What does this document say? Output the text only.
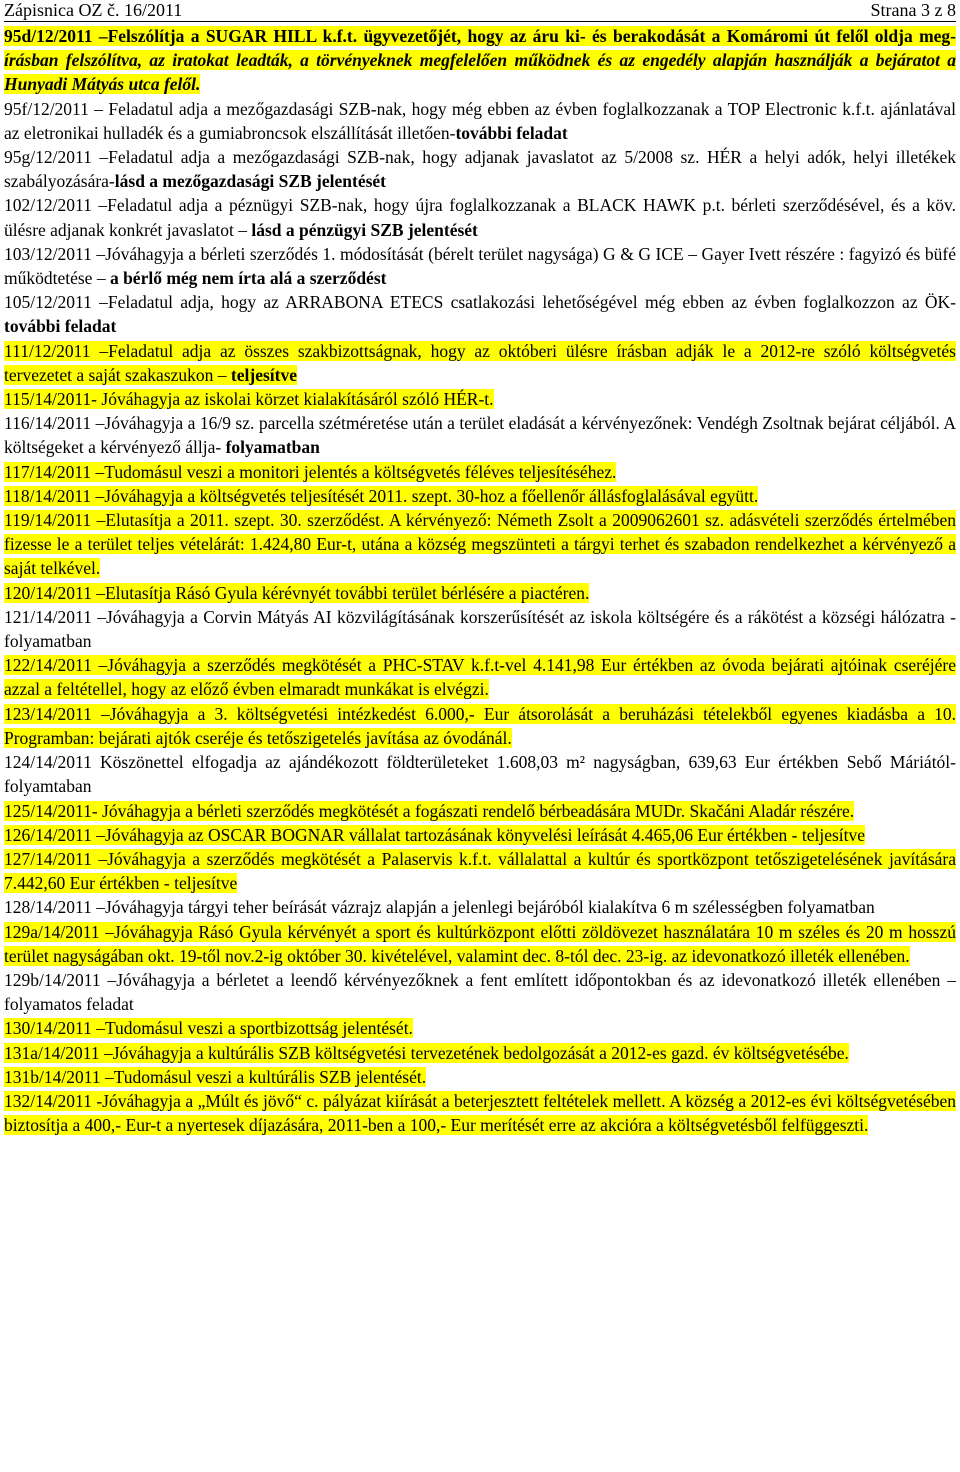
Zápisnica OZ č. 16/2011	Strana 3 z 8

95d/12/2011 –Felszólítja a SUGAR HILL k.f.t. ügyvezetőjét, hogy az áru ki- és berakodását a Komáromi út felől oldja meg- írásban felszólítva, az iratokat leadták, a törvényeknek megfelelően működnek és az engedély alapján használják a bejáratot a Hunyadi Mátyás utca felől.

95f/12/2011 – Feladatul adja a mezőgazdasági SZB-nak, hogy még ebben az évben foglalkozzanak a TOP Electronic k.f.t. ajánlatával az eletronikai hulladék és a gumiabroncsok elszállítását illetően-további feladat

95g/12/2011 –Feladatul adja a mezőgazdasági SZB-nak, hogy adjanak javaslatot az 5/2008 sz. HÉR a helyi adók, helyi illetékek szabályozására-lásd a mezőgazdasági SZB jelentését

102/12/2011 –Feladatul adja a péznügyi SZB-nak, hogy újra foglalkozzanak a BLACK HAWK p.t. bérleti szerződésével, és a köv. ülésre adjanak konkrét javaslatot – lásd a pénzügyi SZB jelentését

103/12/2011 –Jóváhagyja a bérleti szerződés 1. módosítását (bérelt terület nagysága) G & G ICE – Gayer Ivett részére : fagyizó és büfé működtetése – a bérlő még nem írta alá a szerződést

105/12/2011 –Feladatul adja, hogy az ARRABONA ETECS csatlakozási lehetőségével még ebben az évben foglalkozzon az ÖK-további feladat

111/12/2011 –Feladatul adja az összes szakbizottságnak, hogy az októberi ülésre írásban adják le a 2012-re szóló költségvetés tervezetet a saját szakaszukon – teljesítve

115/14/2011- Jóváhagyja az iskolai körzet kialakításáról szóló HÉR-t.

116/14/2011 –Jóváhagyja a 16/9 sz. parcella szétméretése után a terület eladását a kérvényezőnek: Vendégh Zsoltnak bejárat céljából. A költségeket a kérvényező állja- folyamatban

117/14/2011 –Tudomásul veszi a monitori jelentés a költségvetés féléves teljesítéséhez.

118/14/2011 –Jóváhagyja a költségvetés teljesítését 2011. szept. 30-hoz a főellenőr állásfoglalásával együtt.

119/14/2011 –Elutasítja a 2011. szept. 30. szerződést. A kérvényező: Németh Zsolt a 2009062601 sz. adásvételi szerződés értelmében fizesse le a terület teljes vételárát: 1.424,80 Eur-t, utána a község megszünteti a tárgyi terhet és szabadon rendelkezhet a kérvényező a saját telkével.

120/14/2011 –Elutasítja Rásó Gyula kérévnyét további terület bérlésére a piactéren.

121/14/2011 –Jóváhagyja a Corvin Mátyás AI közvilágításának korszerűsítését az iskola költségére és a rákötést a községi hálózatra - folyamatban

122/14/2011 –Jóváhagyja a szerződés megkötését a PHC-STAV k.f.t-vel 4.141,98 Eur értékben az óvoda bejárati ajtóinak cseréjére azzal a feltétellel, hogy az előző évben elmaradt munkákat is elvégzi.

123/14/2011 –Jóváhagyja a 3. költségvetési intézkedést 6.000,- Eur átsorolását a beruházási tételekből egyenes kiadásba a 10. Programban: bejárati ajtók cseréje és tetőszigetelés javítása az óvodánál.

124/14/2011 Köszönettel elfogadja az ajándékozott földterületeket 1.608,03 m² nagyságban, 639,63 Eur értékben Sebő Máriától- folyamtaban

125/14/2011- Jóváhagyja a bérleti szerződés megkötését a fogászati rendelő bérbeadására MUDr. Skačáni Aladár részére.

126/14/2011 –Jóváhagyja az OSCAR BOGNAR vállalat tartozásának könyvelési leírását 4.465,06 Eur értékben - teljesítve

127/14/2011 –Jóváhagyja a szerződés megkötését a Palaservis k.f.t. vállalattal a kultúr és sportközpont tetőszigetelésének javítására 7.442,60 Eur értékben - teljesítve

128/14/2011 –Jóváhagyja tárgyi teher beírását vázrajz alapján a jelenlegi bejáróból kialakítva 6 m szélességben folyamatban

129a/14/2011 –Jóváhagyja Rásó Gyula kérvényét a sport és kultúrközpont előtti zöldövezet használatára 10 m széles és 20 m hosszú terület nagyságában okt. 19-től nov.2-ig október 30. kivételével, valamint dec. 8-tól dec. 23-ig. az idevonatkozó illeték ellenében.

129b/14/2011 –Jóváhagyja a bérletet a leendő kérvényezőknek a fent említett időpontokban és az idevonatkozó illeték ellenében – folyamatos feladat

130/14/2011 –Tudomásul veszi a sportbizottság jelentését.

131a/14/2011 –Jóváhagyja a kultúrális SZB költségvetési tervezetének bedolgozását a 2012-es gazd. év költségvetésébe.

131b/14/2011 –Tudomásul veszi a kultúrális SZB jelentését.

132/14/2011 -Jóváhagyja a „Múlt és jövő“ c. pályázat kiírását a beterjesztett feltételek mellett. A község a 2012-es évi költségvetésében biztosítja a 400,- Eur-t a nyertesek díjazására, 2011-ben a 100,- Eur merítését erre az akcióra a költségvetésből felfüggeszti.
